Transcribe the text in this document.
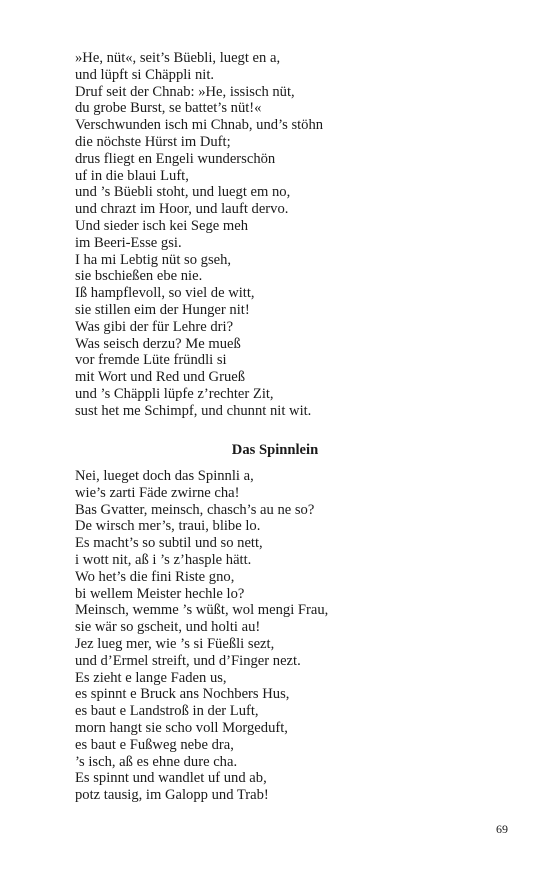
»He, nüt«, seit’s Büebli, luegt en a,
und lüpft si Chäppli nit.
Druf seit der Chnab: »He, issisch nüt,
du grobe Burst, se battet’s nüt!«
Verschwunden isch mi Chnab, und’s stöhn
die nöchste Hürst im Duft;
drus fliegt en Engeli wunderschön
uf in die blaui Luft,
und ’s Büebli stoht, und luegt em no,
und chrazt im Hoor, und lauft dervo.
Und sieder isch kei Sege meh
im Beeri-Esse gsi.
I ha mi Lebtig nüt so gseh,
sie bschießen ebe nie.
Iß hampflevoll, so viel de witt,
sie stillen eim der Hunger nit!
Was gibi der für Lehre dri?
Was seisch derzu? Me mueß
vor fremde Lüte fründli si
mit Wort und Red und Grueß
und ’s Chäppli lüpfe z’rechter Zit,
sust het me Schimpf, und chunnt nit wit.
Das Spinnlein
Nei, lueget doch das Spinnli a,
wie’s zarti Fäde zwirne cha!
Bas Gvatter, meinsch, chasch’s au ne so?
De wirsch mer’s, traui, blibe lo.
Es macht’s so subtil und so nett,
i wott nit, aß i ’s z’hasple hätt.
Wo het’s die fini Riste gno,
bi wellem Meister hechle lo?
Meinsch, wemme ’s wüßt, wol mengi Frau,
sie wär so gscheit, und holti au!
Jez lueg mer, wie ’s si Füeßli sezt,
und d’Ermel streift, und d’Finger nezt.
Es zieht e lange Faden us,
es spinnt e Bruck ans Nochbers Hus,
es baut e Landstroß in der Luft,
morn hangt sie scho voll Morgeduft,
es baut e Fußweg nebe dra,
’s isch, aß es ehne dure cha.
Es spinnt und wandlet uf und ab,
potz tausig, im Galopp und Trab!
69
